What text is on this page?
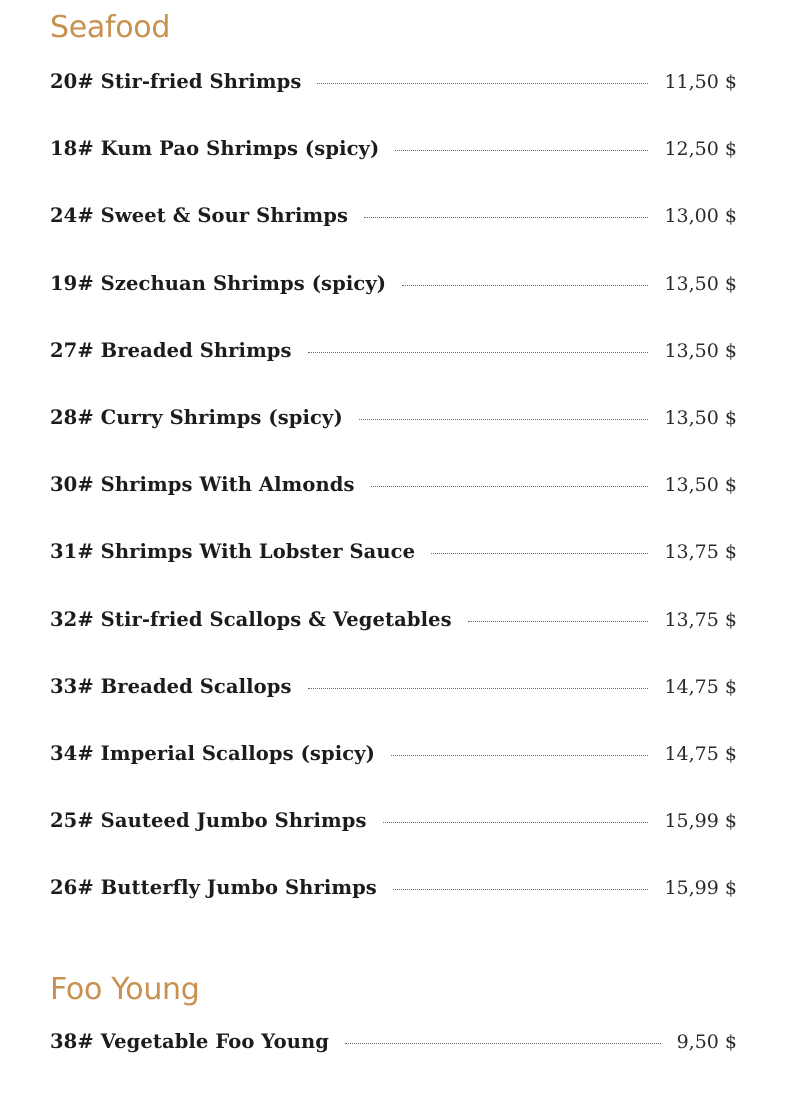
Seafood
20# Stir-fried Shrimps	11,50 $
18# Kum Pao Shrimps (spicy)	12,50 $
24# Sweet & Sour Shrimps	13,00 $
19# Szechuan Shrimps (spicy)	13,50 $
27# Breaded Shrimps	13,50 $
28# Curry Shrimps (spicy)	13,50 $
30# Shrimps With Almonds	13,50 $
31# Shrimps With Lobster Sauce	13,75 $
32# Stir-fried Scallops & Vegetables	13,75 $
33# Breaded Scallops	14,75 $
34# Imperial Scallops (spicy)	14,75 $
25# Sauteed Jumbo Shrimps	15,99 $
26# Butterfly Jumbo Shrimps	15,99 $
Foo Young
38# Vegetable Foo Young	9,50 $
